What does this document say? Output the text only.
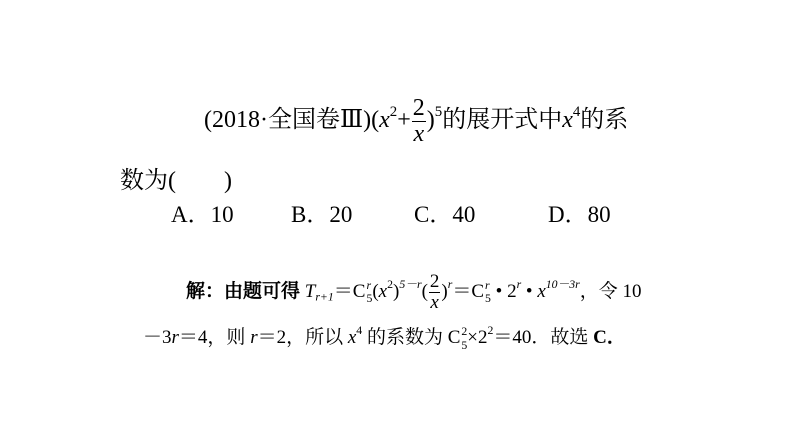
(2018·全国卷$Ⅲ)(x^2+ \frac{2}{x} )^5$的展开式中$x^4$的系
数为(　　)
A．10 B．20	C．40	D．80
解：由题可得 $T_{r+1}=C$ r
5 $(x^2)^{5-r}( \frac{2}{x} )^r=C$ r
5 • 2$^r$ • $x^{10-3r}$，令 10
－3r＝4，则 r＝2，所以 $x^4$ 的系数为 C 2
$5 \times 2^2=40$．故选 C．
